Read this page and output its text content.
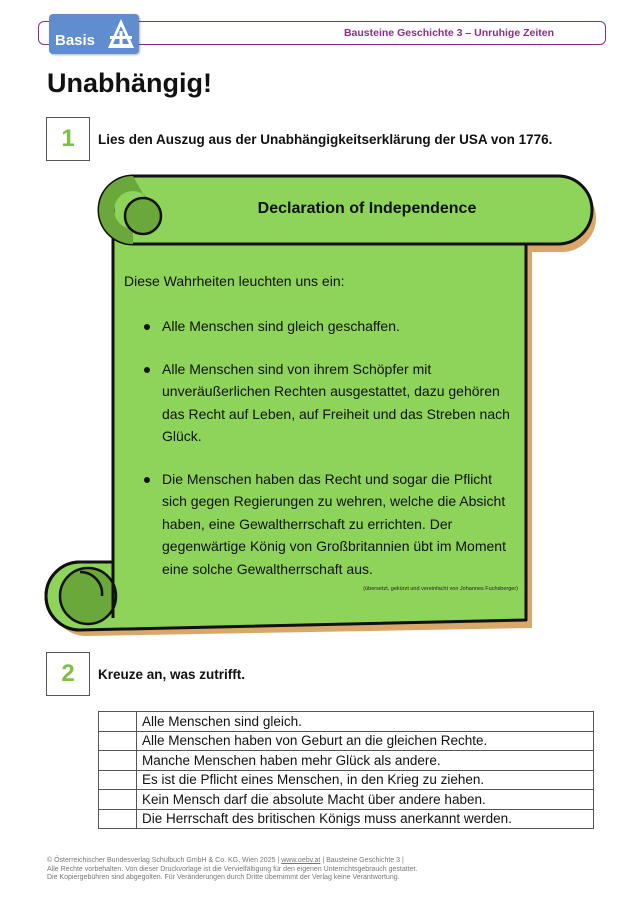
Bausteine Geschichte 3 – Unruhige Zeiten
Basis
Unabhängig!
1	Lies den Auszug aus der Unabhängigkeitserklärung der USA von 1776.
Declaration of Independence
Diese Wahrheiten leuchten uns ein:
Alle Menschen sind gleich geschaffen.
Alle Menschen sind von ihrem Schöpfer mit unveräußerlichen Rechten ausgestattet, dazu gehören das Recht auf Leben, auf Freiheit und das Streben nach Glück.
Die Menschen haben das Recht und sogar die Pflicht sich gegen Regierungen zu wehren, welche die Absicht haben, eine Gewaltherrschaft zu errichten. Der gegenwärtige König von Großbritannien übt im Moment eine solche Gewaltherrschaft aus.
(übersetzt, gekürzt und vereinfacht von Johannes Fuchsberger)
2	Kreuze an, was zutrifft.
	Alle Menschen sind gleich.
	Alle Menschen haben von Geburt an die gleichen Rechte.
	Manche Menschen haben mehr Glück als andere.
	Es ist die Pflicht eines Menschen, in den Krieg zu ziehen.
	Kein Mensch darf die absolute Macht über andere haben.
	Die Herrschaft des britischen Königs muss anerkannt werden.
© Österreichischer Bundesverlag Schulbuch GmbH & Co. KG, Wien 2025 | www.oebv.at | Bausteine Geschichte 3 |
Alle Rechte vorbehalten. Von dieser Druckvorlage ist die Vervielfältigung für den eigenen Unterrichtsgebrauch gestattet.
Die Kopiergebühren sind abgegolten. Für Veränderungen durch Dritte übernimmt der Verlag keine Verantwortung.
